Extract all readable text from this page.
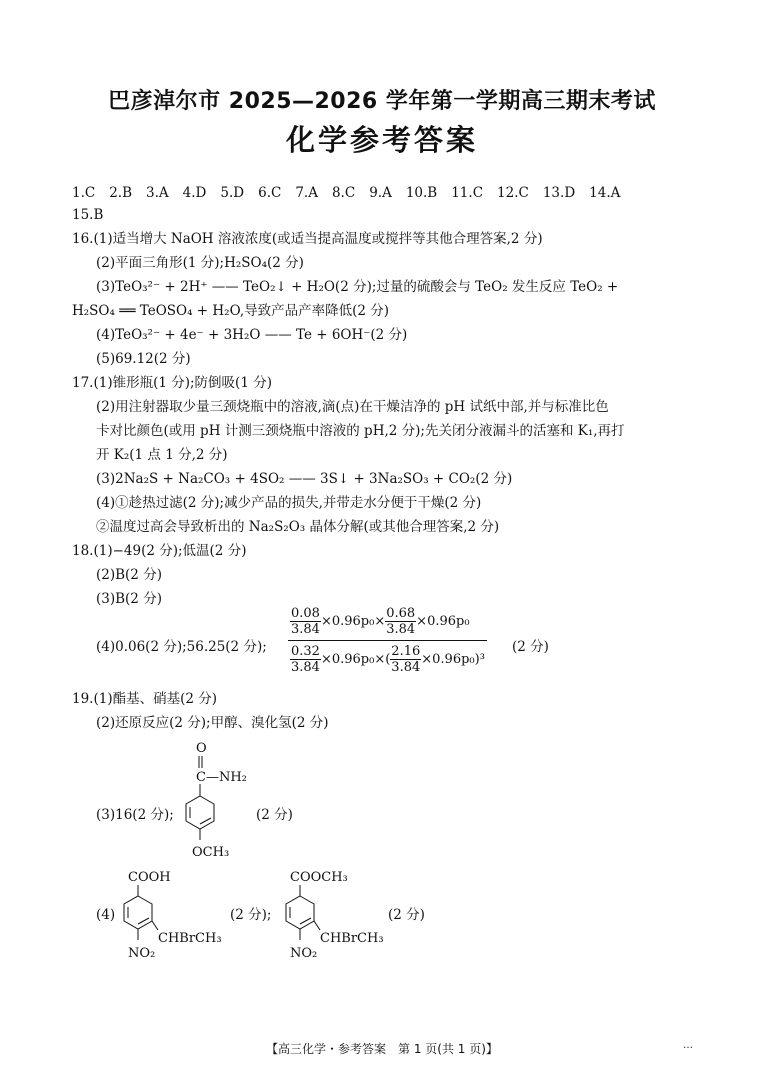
巴彦淖尔市 2025—2026 学年第一学期高三期末考试
化学参考答案
1.C 2.B 3.A 4.D 5.D 6.C 7.A 8.C 9.A 10.B 11.C 12.C 13.D 14.A
15.B
16.(1)适当增大 NaOH 溶液浓度(或适当提高温度或搅拌等其他合理答案,2 分)
(2)平面三角形(1 分);H₂SO₄(2 分)
(3)TeO₃²⁻ + 2H⁺ —— TeO₂↓ + H₂O(2 分);过量的硫酸会与 TeO₂ 发生反应 TeO₂ +
H₂SO₄ ══ TeOSO₄ + H₂O,导致产品产率降低(2 分)
(4)TeO₃²⁻ + 4e⁻ + 3H₂O —— Te + 6OH⁻(2 分)
(5)69.12(2 分)
17.(1)锥形瓶(1 分);防倒吸(1 分)
(2)用注射器取少量三颈烧瓶中的溶液,滴(点)在干燥洁净的 pH 试纸中部,并与标准比色
卡对比颜色(或用 pH 计测三颈烧瓶中溶液的 pH,2 分);先关闭分液漏斗的活塞和 K₁,再打
开 K₂(1 点 1 分,2 分)
(3)2Na₂S + Na₂CO₃ + 4SO₂ —— 3S↓ + 3Na₂SO₃ + CO₂(2 分)
(4)①趁热过滤(2 分);减少产品的损失,并带走水分便于干燥(2 分)
②温度过高会导致析出的 Na₂S₂O₃ 晶体分解(或其他合理答案,2 分)
18.(1)−49(2 分);低温(2 分)
(2)B(2 分)
(3)B(2 分)
(4)0.06(2 分);56.25(2 分);
$\frac{0.08}{3.84} \times 0.96p_0\times \frac{0.68}{3.84} \times 0.96p_0$
$\frac{0.32}{3.84} \times 0.96p_0\times( \frac{2.16}{3.84} \times 0.96p_0)^3$
(2 分)
19.(1)酯基、硝基(2 分)
(2)还原反应(2 分);甲醇、溴化氢(2 分)
(3)16(2 分);
O
C—NH₂
OCH₃
(2 分)
(4)
COOH
CHBrCH₃
NO₂
(2 分);
COOCH₃
CHBrCH₃
NO₂
(2 分)
【高三化学・参考答案　第 1 页(共 1 页)】	…
